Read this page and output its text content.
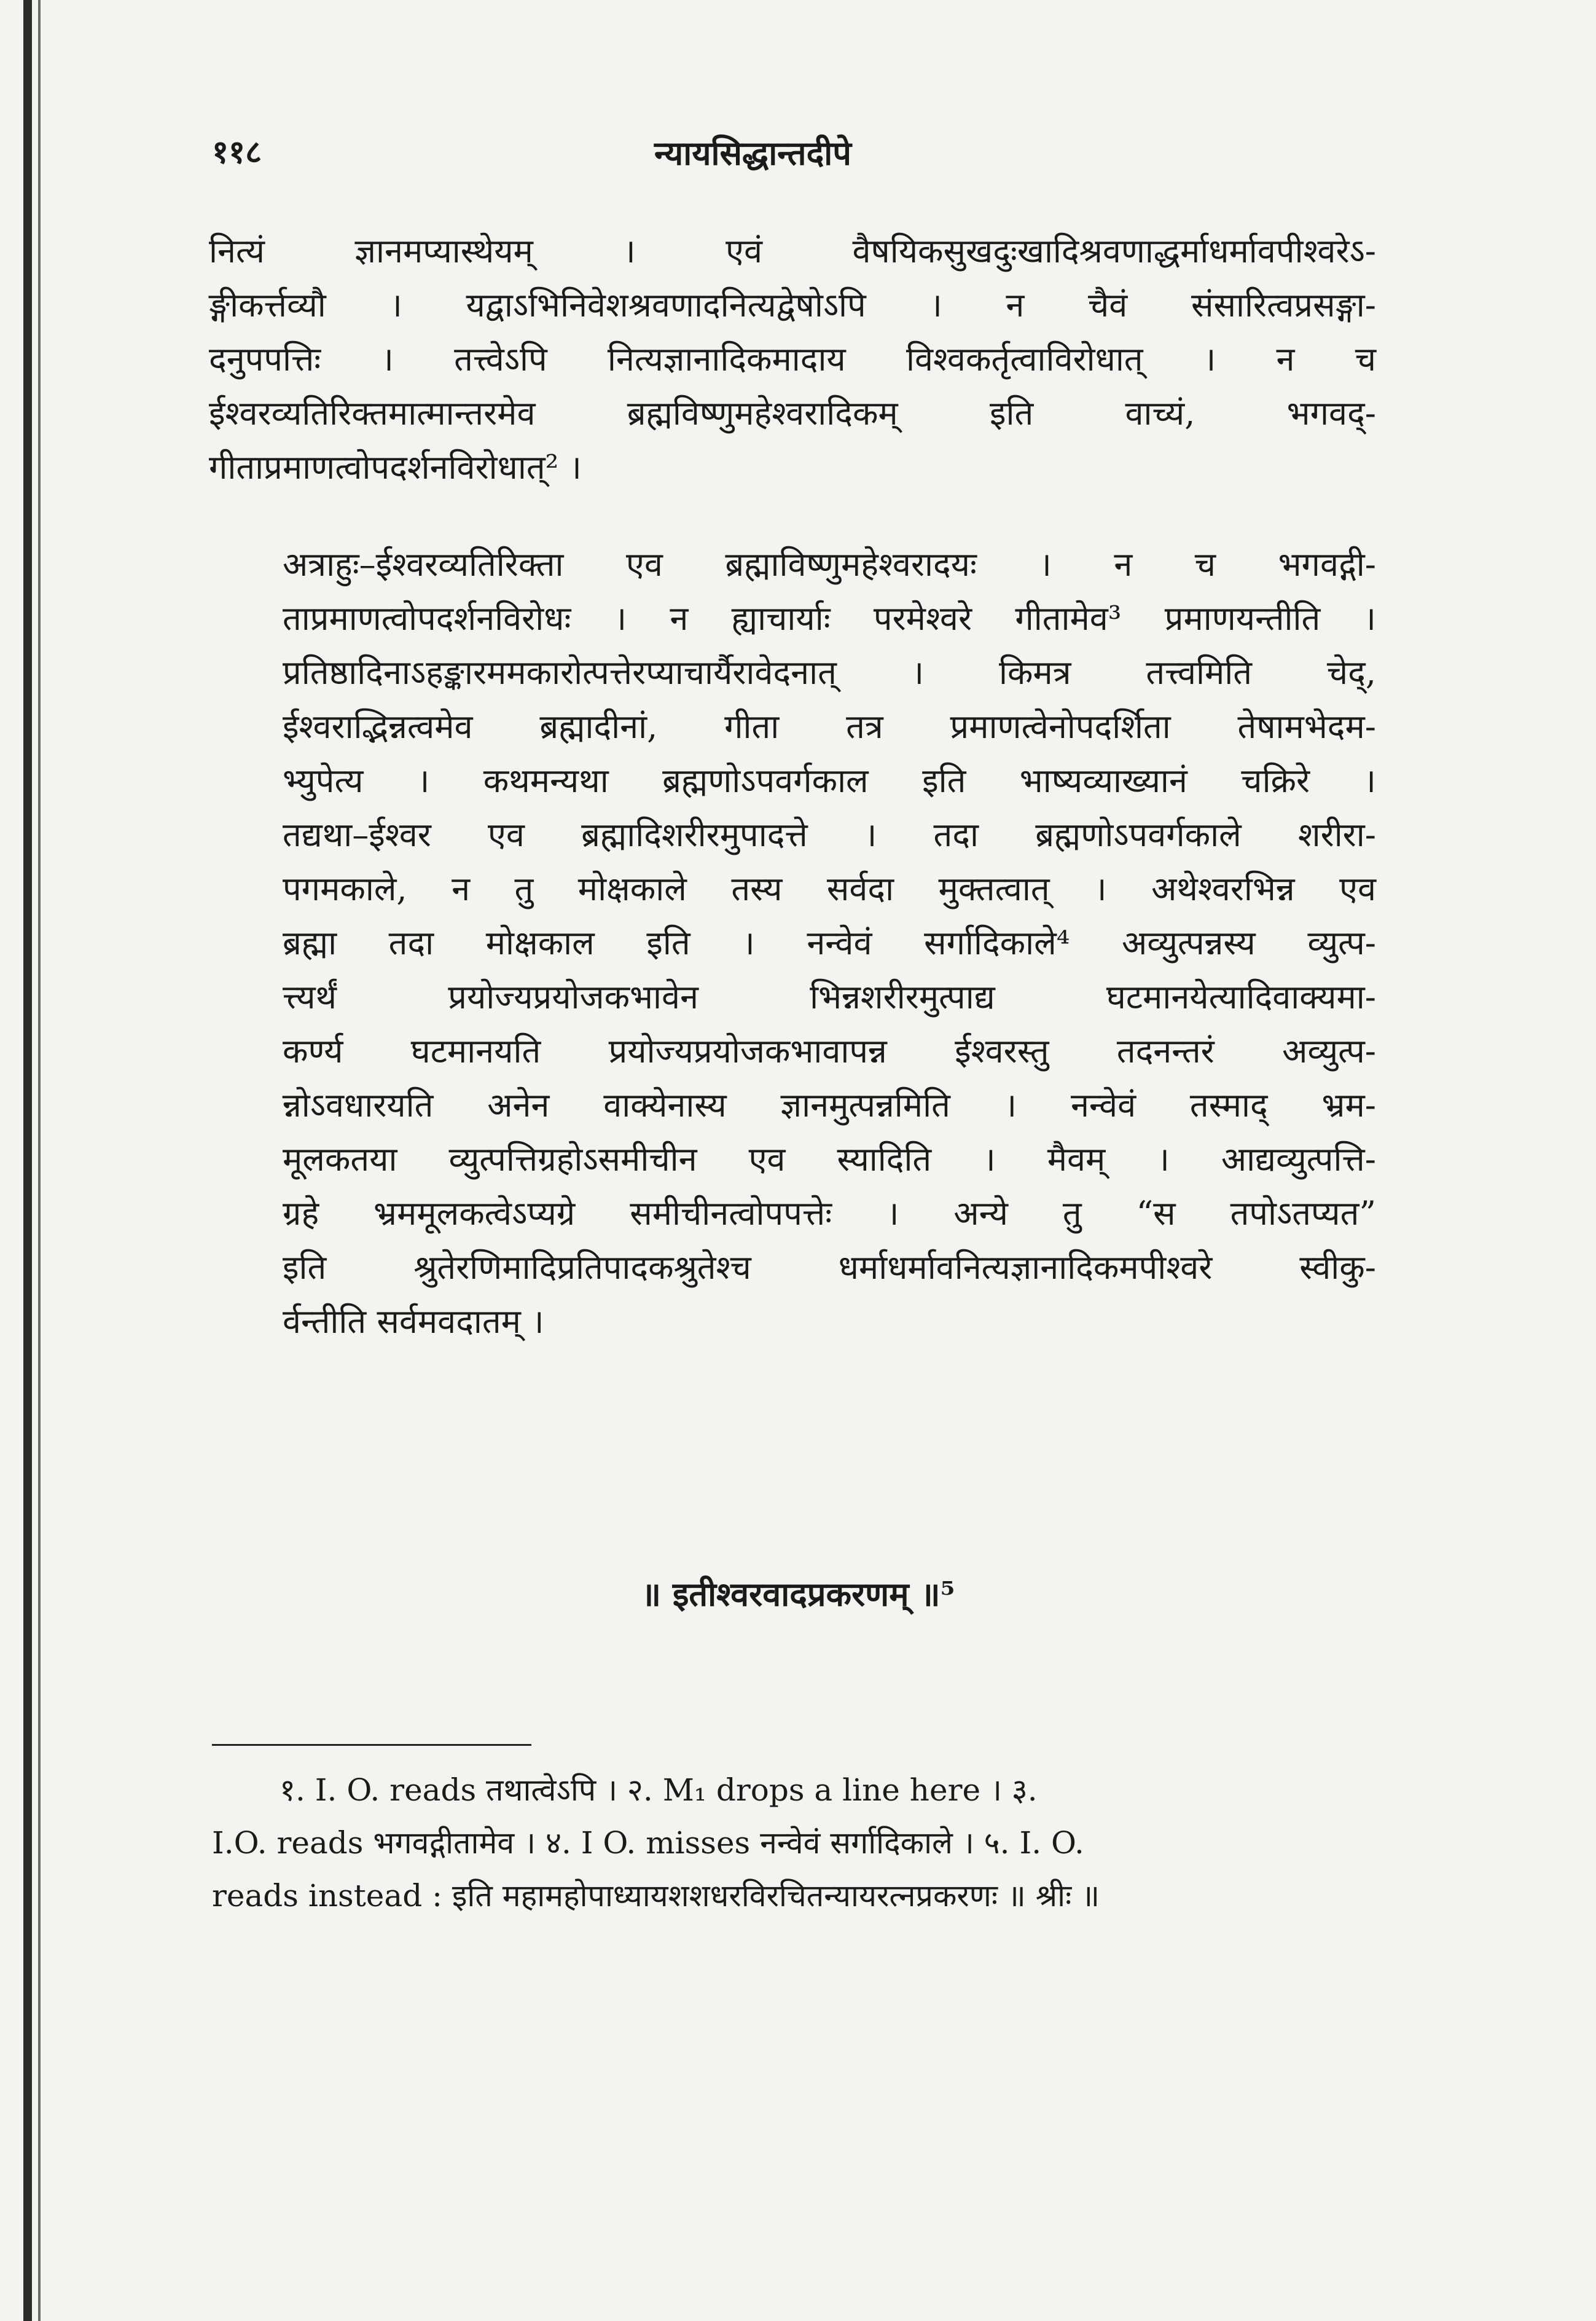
११८	न्यायसिद्धान्तदीपे

नित्यं ज्ञानमप्यास्थेयम् । एवं वैषयिकसुखदुःखादिश्रवणाद्धर्माधर्मावपीश्वरेऽ-
ङ्गीकर्त्तव्यौ । यद्वाऽभिनिवेशश्रवणादनित्यद्वेषोऽपि । न चैवं संसारित्वप्रसङ्गा-
दनुपपत्तिः । तत्त्वेऽपि नित्यज्ञानादिकमादाय विश्वकर्तृत्वाविरोधात् । न च
ईश्वरव्यतिरिक्तमात्मान्तरमेव ब्रह्मविष्णुमहेश्वरादिकम् इति वाच्यं, भगवद्-
गीताप्रमाणत्वोपदर्शनविरोधात्² ।

अत्राहुः–ईश्वरव्यतिरिक्ता एव ब्रह्माविष्णुमहेश्वरादयः । न च भगवद्गी-
ताप्रमाणत्वोपदर्शनविरोधः । न ह्याचार्याः परमेश्वरे गीतामेव³ प्रमाणयन्तीति ।
प्रतिष्ठादिनाऽहङ्कारममकारोत्पत्तेरप्याचार्यैरावेदनात् । किमत्र तत्त्वमिति चेद्,
ईश्वराद्भिन्नत्वमेव ब्रह्मादीनां, गीता तत्र प्रमाणत्वेनोपदर्शिता तेषामभेदम-
भ्युपेत्य । कथमन्यथा ब्रह्मणोऽपवर्गकाल इति भाष्यव्याख्यानं चक्रिरे ।
तद्यथा–ईश्वर एव ब्रह्मादिशरीरमुपादत्ते । तदा ब्रह्मणोऽपवर्गकाले शरीरा-
पगमकाले, न तु मोक्षकाले तस्य सर्वदा मुक्तत्वात् । अथेश्वरभिन्न एव
ब्रह्मा तदा मोक्षकाल इति । नन्वेवं सर्गादिकाले⁴ अव्युत्पन्नस्य व्युत्प-
त्त्यर्थं प्रयोज्यप्रयोजकभावेन भिन्नशरीरमुत्पाद्य घटमानयेत्यादिवाक्यमा-
कर्ण्य घटमानयति प्रयोज्यप्रयोजकभावापन्न ईश्वरस्तु तदनन्तरं अव्युत्प-
न्नोऽवधारयति अनेन वाक्येनास्य ज्ञानमुत्पन्नमिति । नन्वेवं तस्माद् भ्रम-
मूलकतया व्युत्पत्तिग्रहोऽसमीचीन एव स्यादिति । मैवम् । आद्यव्युत्पत्ति-
ग्रहे भ्रममूलकत्वेऽप्यग्रे समीचीनत्वोपपत्तेः । अन्ये तु “स तपोऽतप्यत”
इति श्रुतेरणिमादिप्रतिपादकश्रुतेश्च धर्माधर्मावनित्यज्ञानादिकमपीश्वरे स्वीकु-
र्वन्तीति सर्वमवदातम् ।

॥ इतीश्वरवादप्रकरणम् ॥⁵
१. I. O. reads तथात्वेऽपि । २. M₁ drops a line here । ३.
I.O. reads भगवद्गीतामेव । ४. I O. misses नन्वेवं सर्गादिकाले । ५. I. O.
reads instead : इति महामहोपाध्यायशशधरविरचितन्यायरत्नप्रकरणः ॥ श्रीः ॥
